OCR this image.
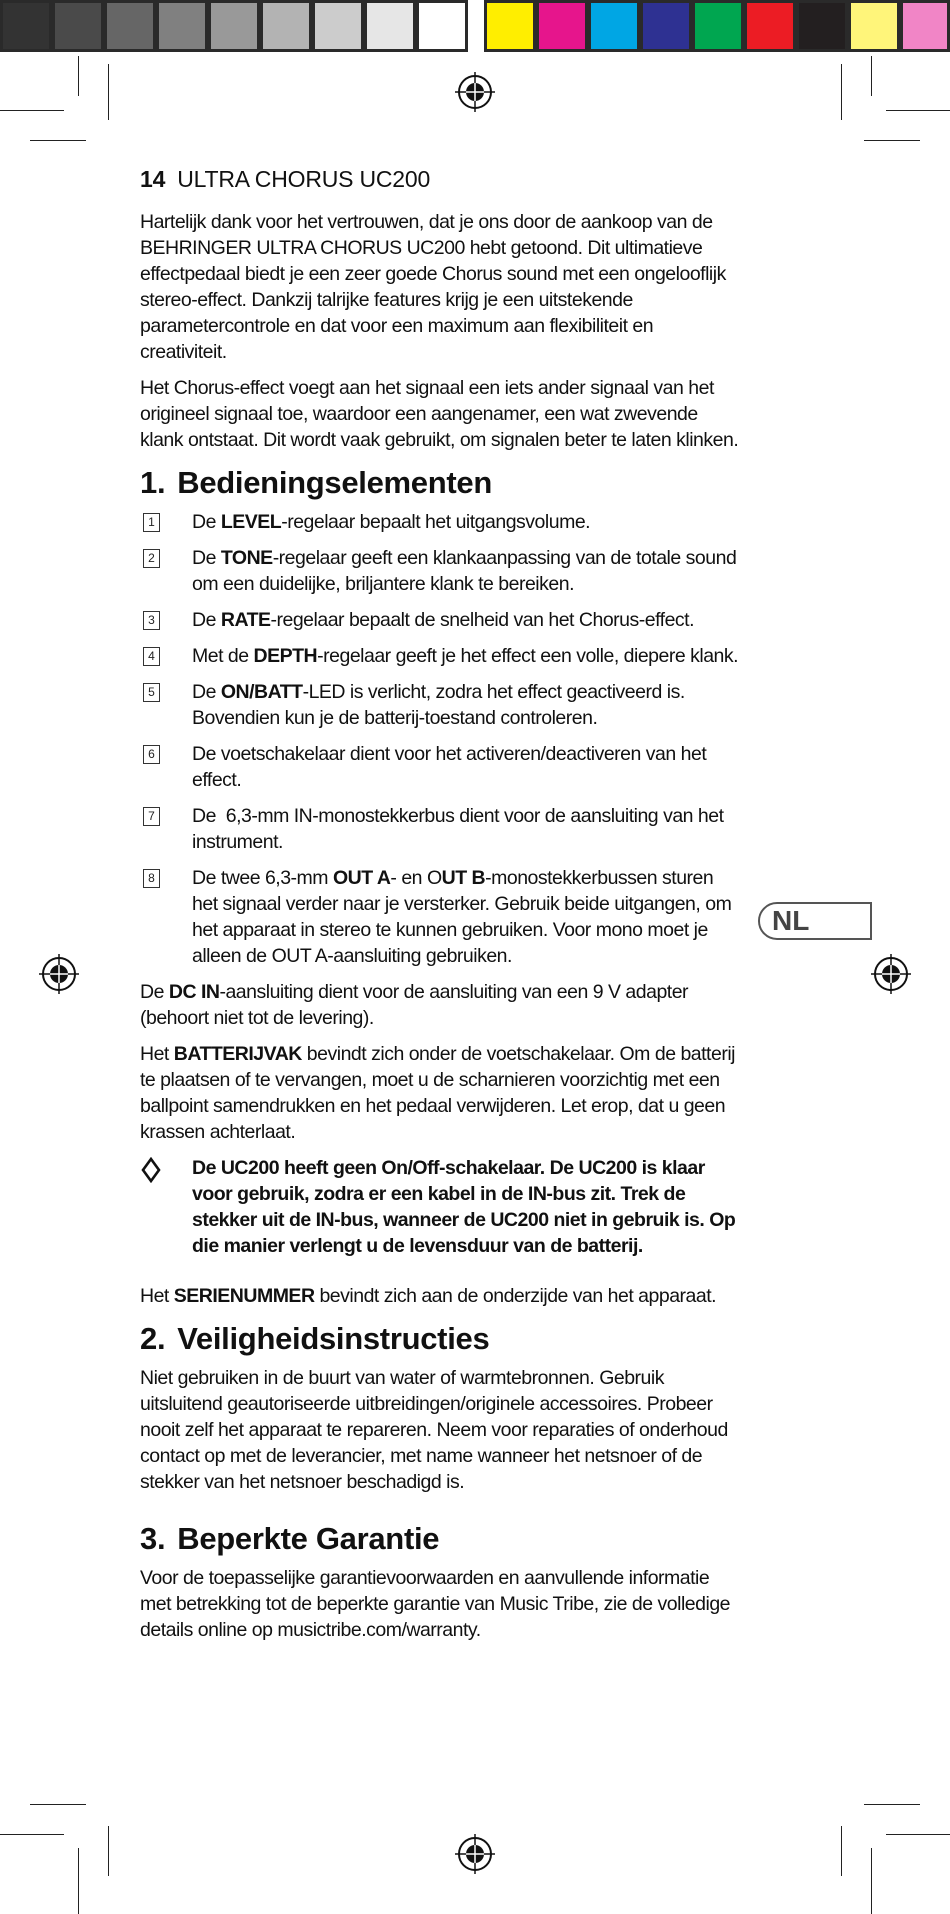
NL
14 ULTRA CHORUS UC200

Hartelijk dank voor het vertrouwen, dat je ons door de aankoop van de BEHRINGER ULTRA CHORUS UC200 hebt getoond. Dit ultimatieve effectpedaal biedt je een zeer goede Chorus sound met een ongelooflijk stereo-effect. Dankzij talrijke features krijg je een uitstekende parametercontrole en dat voor een maximum aan flexibiliteit en creativiteit.

Het Chorus-effect voegt aan het signaal een iets ander signaal van het origineel signaal toe, waardoor een aangenamer, een wat zwevende klank ontstaat. Dit wordt vaak gebruikt, om signalen beter te laten klinken.

1. Bedieningselementen
1 De LEVEL-regelaar bepaalt het uitgangsvolume.
2 De TONE-regelaar geeft een klankaanpassing van de totale sound om een duidelijke, briljantere klank te bereiken.
3 De RATE-regelaar bepaalt de snelheid van het Chorus-effect.
4 Met de DEPTH-regelaar geeft je het effect een volle, diepere klank.
5 De ON/BATT-LED is verlicht, zodra het effect geactiveerd is. Bovendien kun je de batterij-toestand controleren.
6 De voetschakelaar dient voor het activeren/deactiveren van het effect.
7 De  6,3-mm IN-monostekkerbus dient voor de aansluiting van het instrument.
8 De twee 6,3-mm OUT A- en OUT B-monostekkerbussen sturen het signaal verder naar je versterker. Gebruik beide uitgangen, om het apparaat in stereo te kunnen gebruiken. Voor mono moet je alleen de OUT A-aansluiting gebruiken.

De DC IN-aansluiting dient voor de aansluiting van een 9 V adapter (behoort niet tot de levering).

Het BATTERIJVAK bevindt zich onder de voetschakelaar. Om de batterij te plaatsen of te vervangen, moet u de scharnieren voorzichtig met een ballpoint samendrukken en het pedaal verwijderen. Let erop, dat u geen krassen achterlaat.

De UC200 heeft geen On/Off-schakelaar. De UC200 is klaar voor gebruik, zodra er een kabel in de IN-bus zit. Trek de stekker uit de IN-bus, wanneer de UC200 niet in gebruik is. Op die manier verlengt u de levensduur van de batterij.

Het SERIENUMMER bevindt zich aan de onderzijde van het apparaat.

2. Veiligheidsinstructies

Niet gebruiken in de buurt van water of warmtebronnen. Gebruik uitsluitend geautoriseerde uitbreidingen/originele accessoires. Probeer nooit zelf het apparaat te repareren. Neem voor reparaties of onderhoud contact op met de leverancier, met name wanneer het netsnoer of de stekker van het netsnoer beschadigd is.

3. Beperkte Garantie

Voor de toepasselijke garantievoorwaarden en aanvullende informatie met betrekking tot de beperkte garantie van Music Tribe, zie de volledige details online op musictribe.com/warranty.
